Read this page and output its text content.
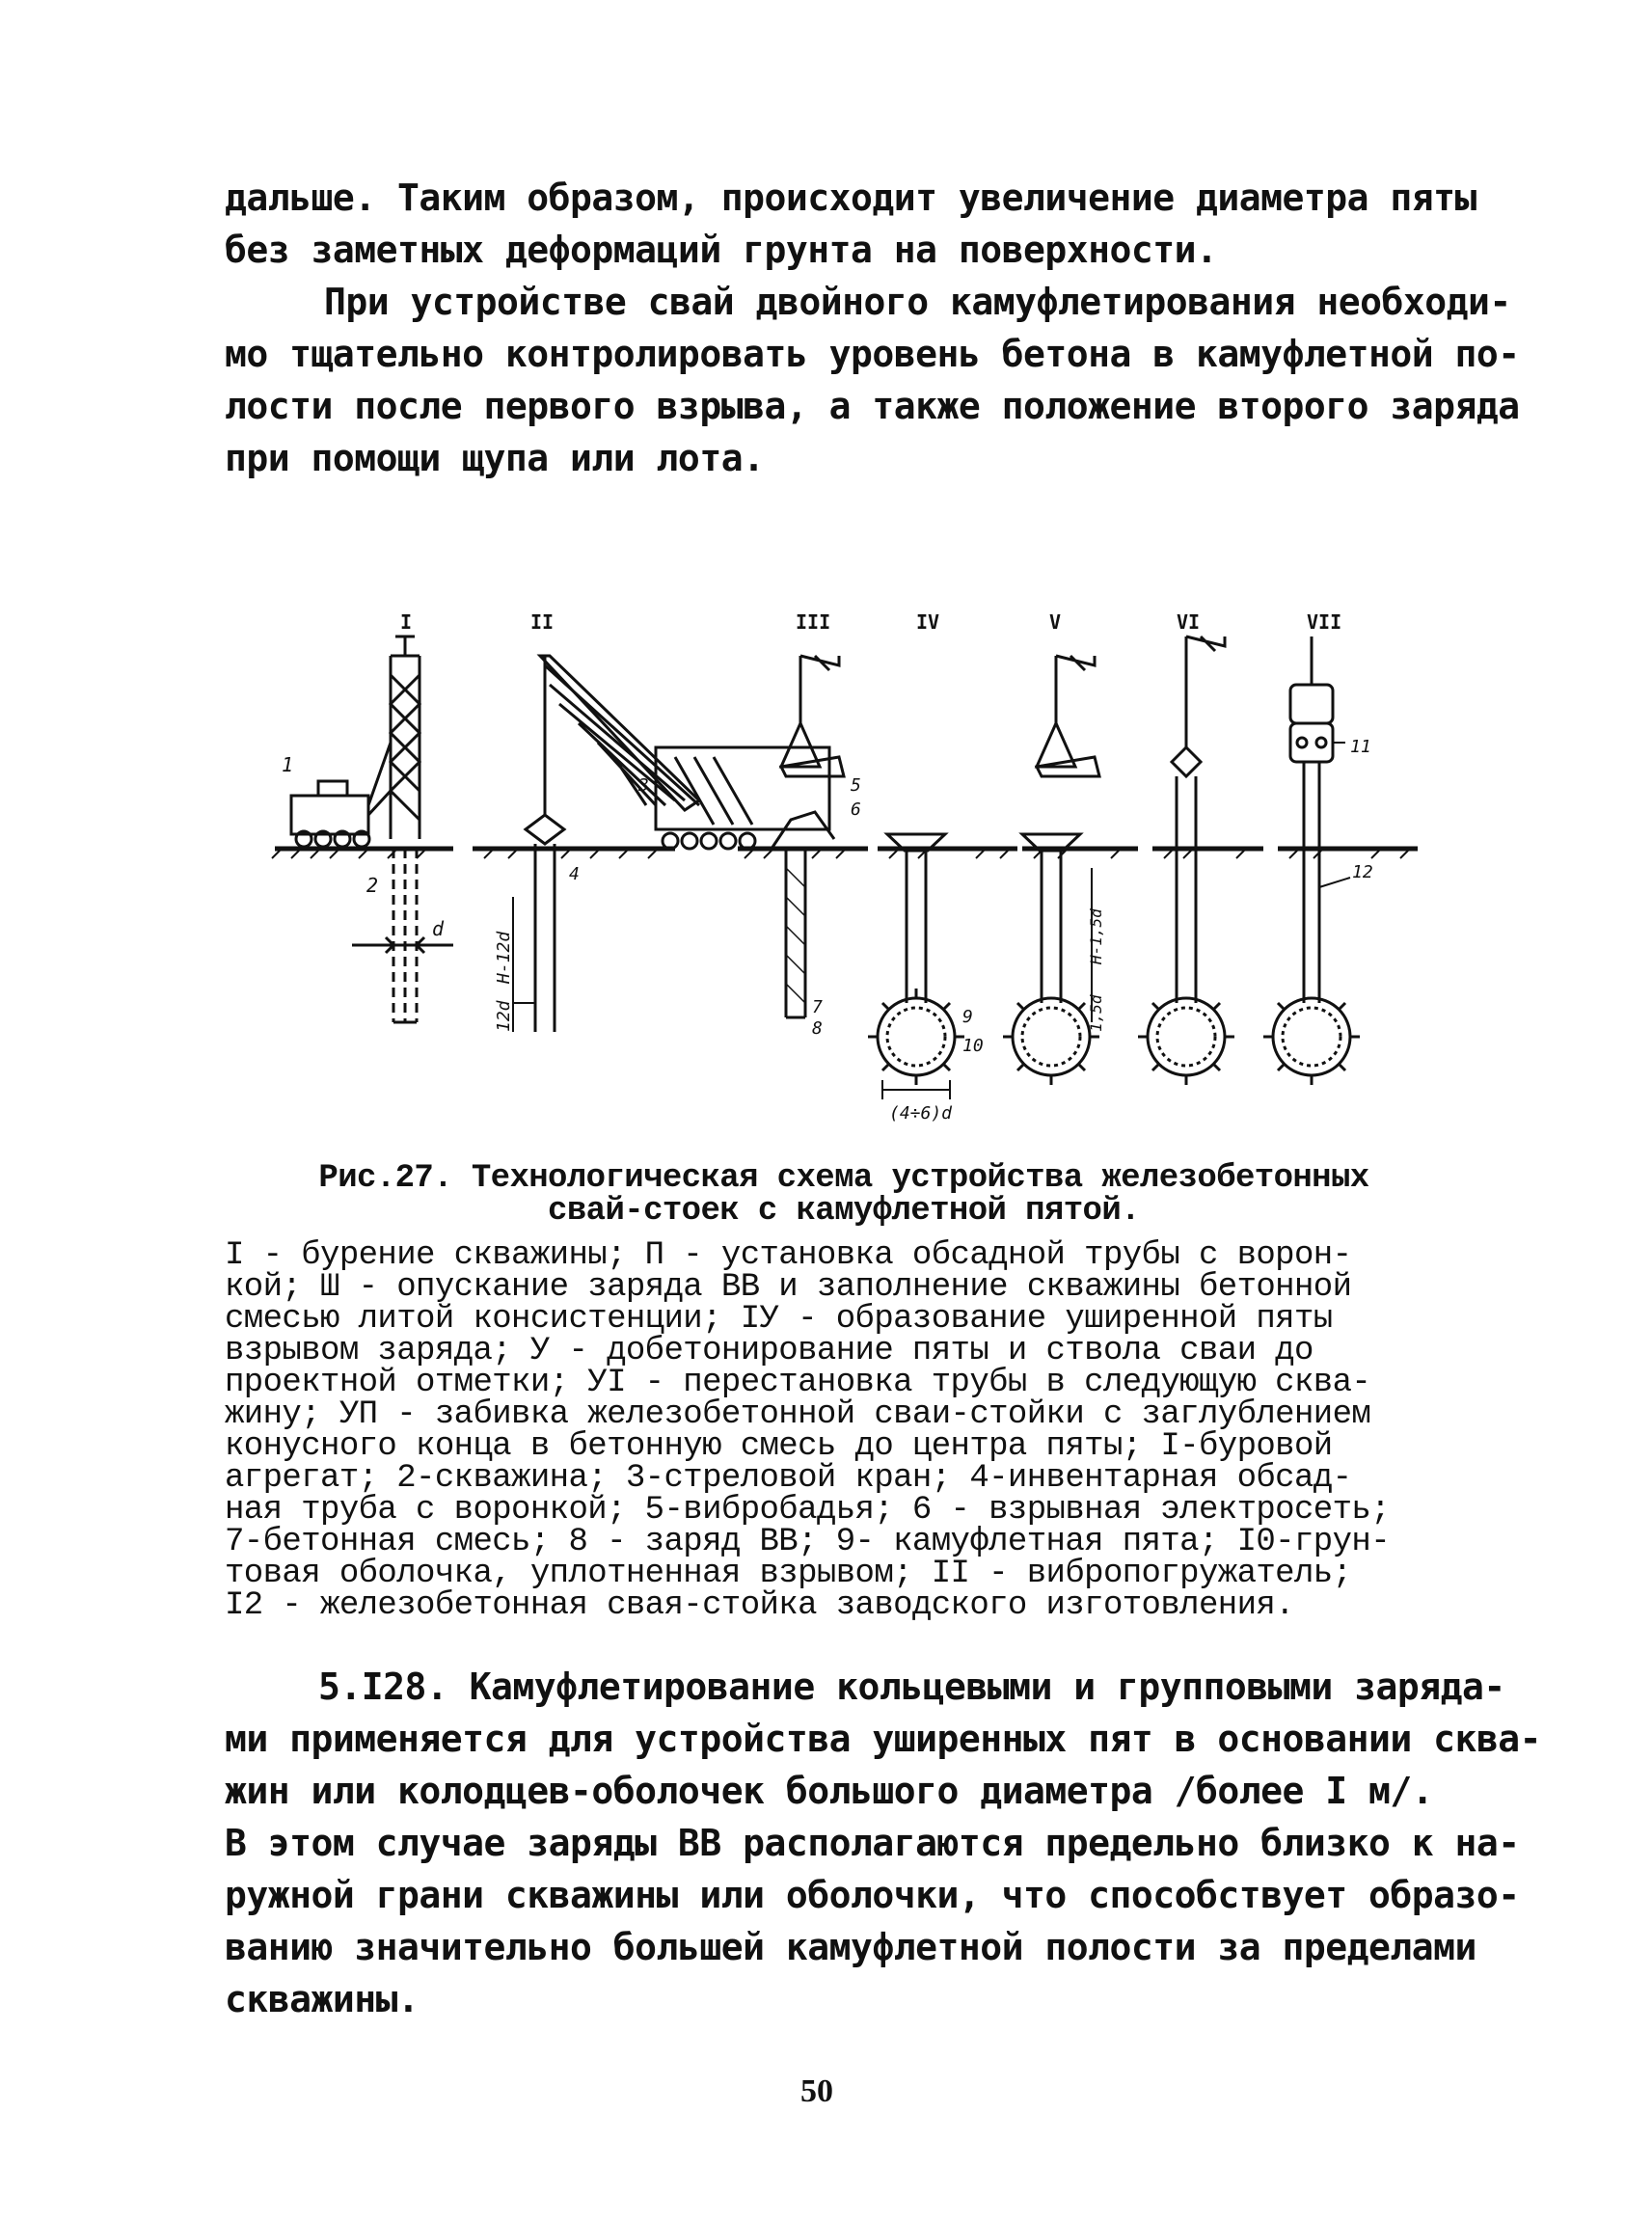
дальше. Таким образом, происходит увеличение диаметра пяты
без заметных деформаций грунта на поверхности.
При устройстве свай двойного камуфлетирования необходи-
мо тщательно контролировать уровень бетона в камуфлетной по-
лости после первого взрыва, а также положение второго заряда
при помощи щупа или лота.
I	II	III	IV	V	VI	VII
1
2
d
3
4
H-12d
12d
5
6
7
8
9
10
(4÷6)d
H-1,5d
1,5d
11
12
Рис.27. Технологическая схема устройства железобетонных
свай-стоек с камуфлетной пятой.
I - бурение скважины; П - установка обсадной трубы с ворон-
кой; Ш - опускание заряда ВВ и заполнение скважины бетонной
смесью литой консистенции; IУ - образование уширенной пяты
взрывом заряда; У - добетонирование пяты и ствола сваи до
проектной отметки; УI - перестановка трубы в следующую сква-
жину; УП - забивка железобетонной сваи-стойки с заглублением
конусного конца в бетонную смесь до центра пяты; I-буровой
агрегат; 2-скважина; 3-стреловой кран; 4-инвентарная обсад-
ная труба с воронкой; 5-вибробадья; 6 - взрывная электросеть;
7-бетонная смесь; 8 - заряд ВВ; 9- камуфлетная пята; I0-грун-
товая оболочка, уплотненная взрывом; II - вибропогружатель;
I2 - железобетонная свая-стойка заводского изготовления.
5.I28. Камуфлетирование кольцевыми и групповыми заряда-
ми применяется для устройства уширенных пят в основании сква-
жин или колодцев-оболочек большого диаметра /более I м/.
В этом случае заряды ВВ располагаются предельно близко к на-
ружной грани скважины или оболочки, что способствует образо-
ванию значительно большей камуфлетной полости за пределами
скважины.
50
